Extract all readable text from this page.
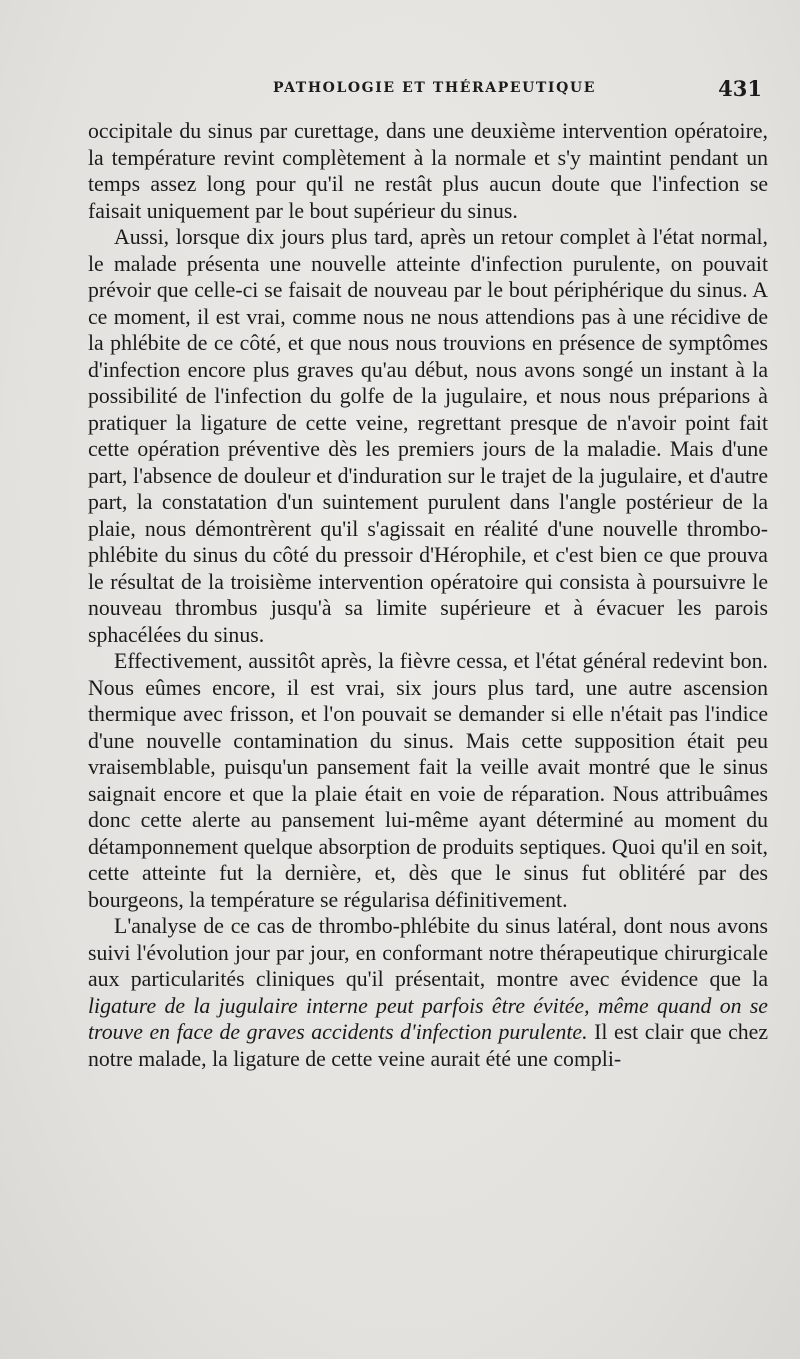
PATHOLOGIE ET THÉRAPEUTIQUE	431

occipitale du sinus par curettage, dans une deuxième intervention opératoire, la température revint complètement à la normale et s'y maintint pendant un temps assez long pour qu'il ne restât plus aucun doute que l'infection se faisait uniquement par le bout supérieur du sinus.

Aussi, lorsque dix jours plus tard, après un retour complet à l'état normal, le malade présenta une nouvelle atteinte d'infection purulente, on pouvait prévoir que celle-ci se faisait de nouveau par le bout périphérique du sinus. A ce moment, il est vrai, comme nous ne nous attendions pas à une récidive de la phlébite de ce côté, et que nous nous trouvions en présence de symptômes d'infection encore plus graves qu'au début, nous avons songé un instant à la possibilité de l'infection du golfe de la jugulaire, et nous nous préparions à pratiquer la ligature de cette veine, regrettant presque de n'avoir point fait cette opération préventive dès les premiers jours de la maladie. Mais d'une part, l'absence de douleur et d'induration sur le trajet de la jugulaire, et d'autre part, la constatation d'un suintement purulent dans l'angle postérieur de la plaie, nous démontrèrent qu'il s'agissait en réalité d'une nouvelle thrombo-phlébite du sinus du côté du pressoir d'Hérophile, et c'est bien ce que prouva le résultat de la troisième intervention opératoire qui consista à poursuivre le nouveau thrombus jusqu'à sa limite supérieure et à évacuer les parois sphacélées du sinus.

Effectivement, aussitôt après, la fièvre cessa, et l'état général redevint bon. Nous eûmes encore, il est vrai, six jours plus tard, une autre ascension thermique avec frisson, et l'on pouvait se demander si elle n'était pas l'indice d'une nouvelle contamination du sinus. Mais cette supposition était peu vraisemblable, puisqu'un pansement fait la veille avait montré que le sinus saignait encore et que la plaie était en voie de réparation. Nous attribuâmes donc cette alerte au pansement lui-même ayant déterminé au moment du détamponnement quelque absorption de produits septiques. Quoi qu'il en soit, cette atteinte fut la dernière, et, dès que le sinus fut oblitéré par des bourgeons, la température se régularisa définitivement.

L'analyse de ce cas de thrombo-phlébite du sinus latéral, dont nous avons suivi l'évolution jour par jour, en conformant notre thérapeutique chirurgicale aux particularités cliniques qu'il présentait, montre avec évidence que la ligature de la jugulaire interne peut parfois être évitée, même quand on se trouve en face de graves accidents d'infection purulente. Il est clair que chez notre malade, la ligature de cette veine aurait été une compli-
